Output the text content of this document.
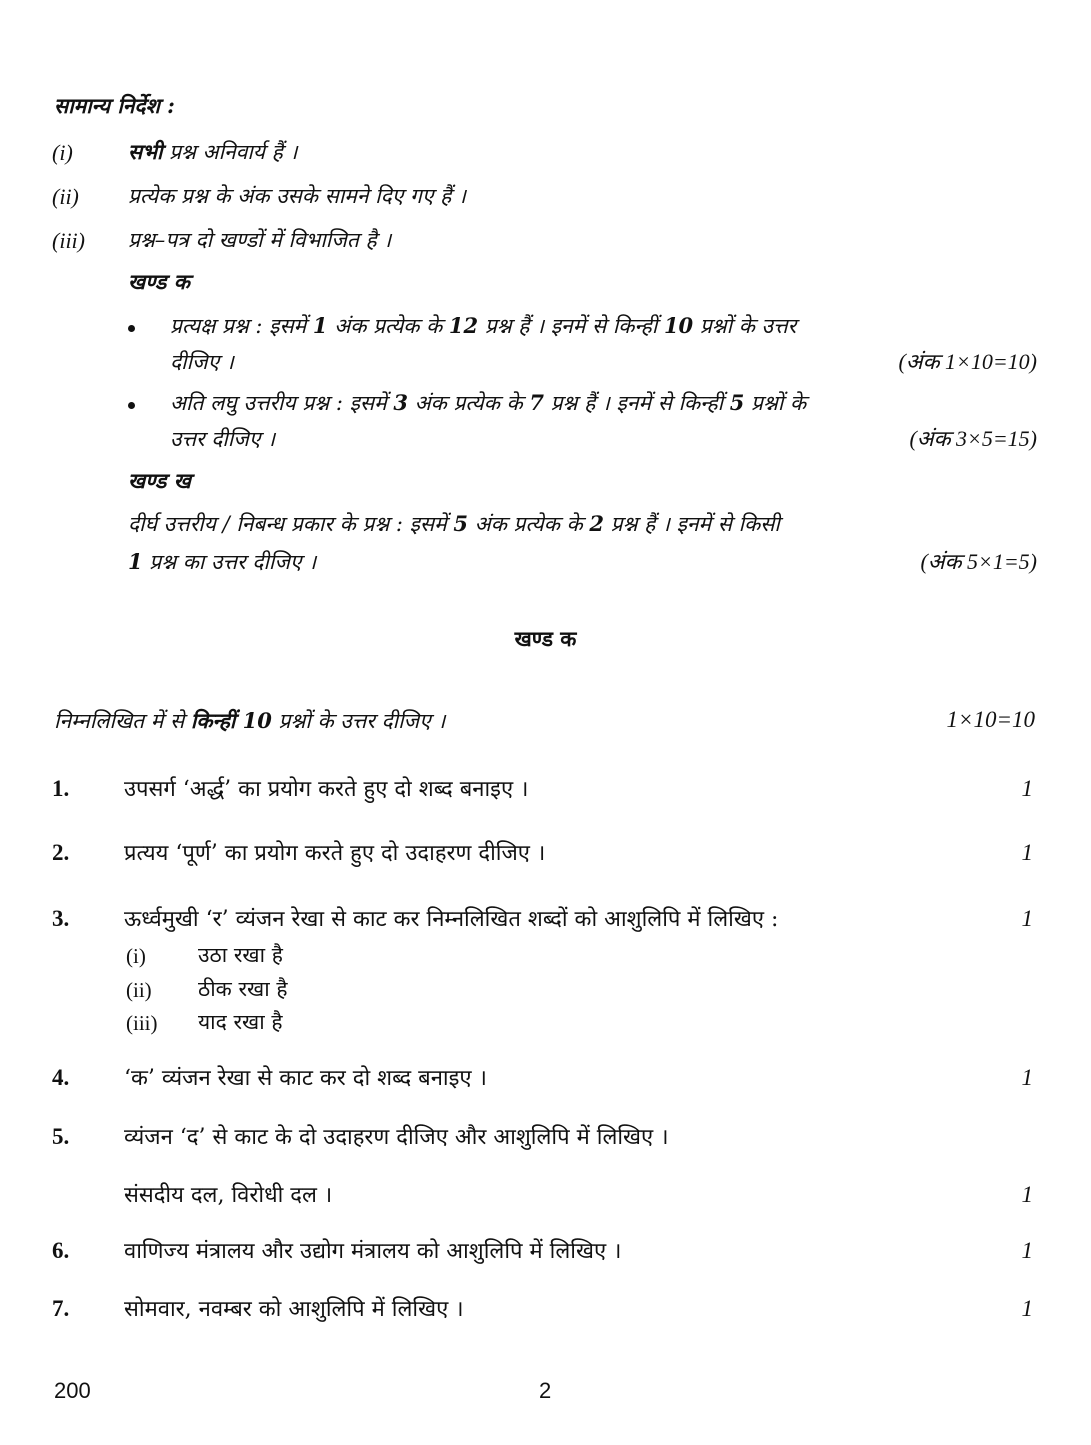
सामान्य निर्देश :
(i)	सभी प्रश्न अनिवार्य हैं ।
(ii) प्रत्येक प्रश्न के अंक उसके सामने दिए गए हैं ।
(iii) प्रश्न–पत्र दो खण्डों में विभाजित है ।
खण्ड क
प्रत्यक्ष प्रश्न : इसमें 1 अंक प्रत्येक के 12 प्रश्न हैं । इनमें से किन्हीं 10 प्रश्नों के उत्तर
दीजिए ।	(अंक 1×10=10)
अति लघु उत्तरीय प्रश्न : इसमें 3 अंक प्रत्येक के 7 प्रश्न हैं । इनमें से किन्हीं 5 प्रश्नों के
उत्तर दीजिए ।	(अंक 3×5=15)
खण्ड ख
दीर्घ उत्तरीय / निबन्ध प्रकार के प्रश्न : इसमें 5 अंक प्रत्येक के 2 प्रश्न हैं । इनमें से किसी
1 प्रश्न का उत्तर दीजिए ।	(अंक 5×1=5)
खण्ड क
निम्नलिखित में से किन्हीं 10 प्रश्नों के उत्तर दीजिए ।	1×10=10
1. उपसर्ग ‘अर्द्ध’ का प्रयोग करते हुए दो शब्द बनाइए ।	1
2. प्रत्यय ‘पूर्ण’ का प्रयोग करते हुए दो उदाहरण दीजिए ।	1
3. ऊर्ध्वमुखी ‘र’ व्यंजन रेखा से काट कर निम्नलिखित शब्दों को आशुलिपि में लिखिए :	1
(i) उठा रखा है
(ii) ठीक रखा है
(iii) याद रखा है
4. ‘क’ व्यंजन रेखा से काट कर दो शब्द बनाइए ।	1
5. व्यंजन ‘द’ से काट के दो उदाहरण दीजिए और आशुलिपि में लिखिए ।
संसदीय दल, विरोधी दल ।	1
6. वाणिज्य मंत्रालय और उद्योग मंत्रालय को आशुलिपि में लिखिए ।	1
7. सोमवार, नवम्बर को आशुलिपि में लिखिए ।	1
200	2
